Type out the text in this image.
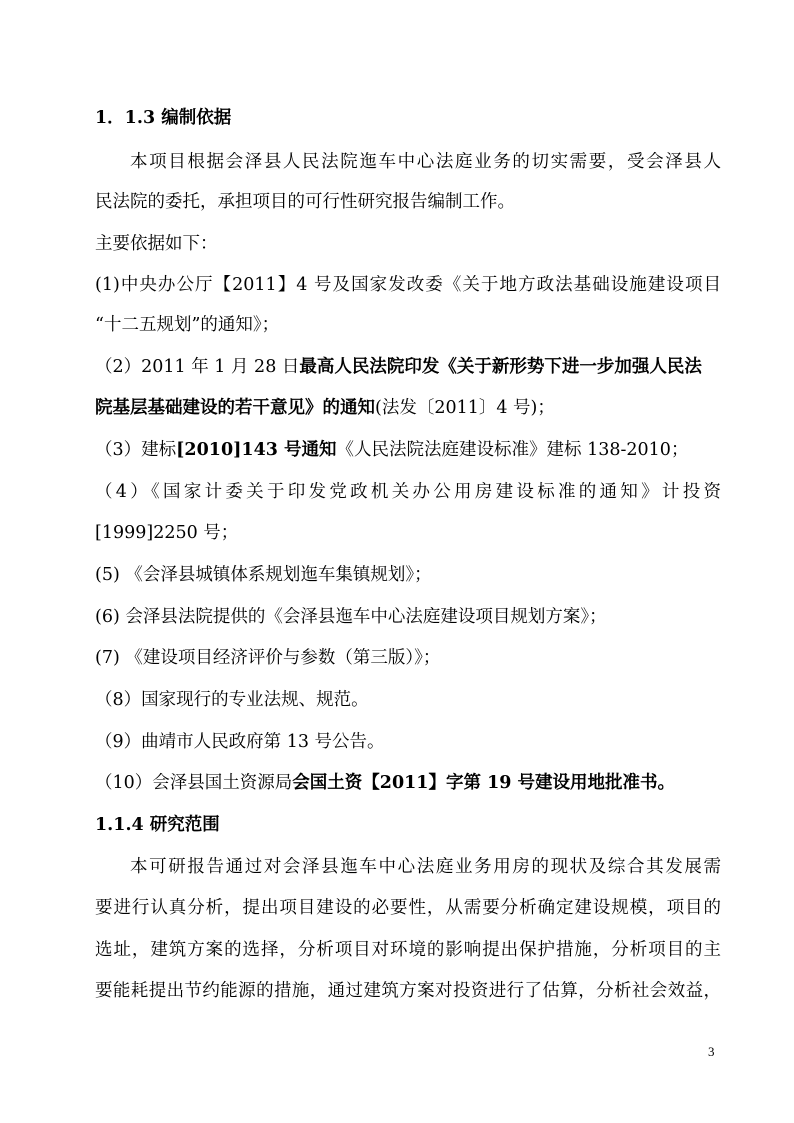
1．1.3 编制依据
本项目根据会泽县人民法院迤车中心法庭业务的切实需要，受会泽县人
民法院的委托，承担项目的可行性研究报告编制工作。
主要依据如下：
(1)中央办公厅【2011】4 号及国家发改委《关于地方政法基础设施建设项目
“十二五规划”的通知》；
（2）2011 年 1 月 28 日最高人民法院印发《关于新形势下进一步加强人民法
院基层基础建设的若干意见》的通知(法发〔2011〕4 号)；
（3）建标[2010]143 号通知《人民法院法庭建设标准》建标 138-2010；
（4）《国家计委关于印发党政机关办公用房建设标准的通知》计投资
[1999]2250 号；
(5) 《会泽县城镇体系规划迤车集镇规划》；
(6) 会泽县法院提供的《会泽县迤车中心法庭建设项目规划方案》；
(7) 《建设项目经济评价与参数（第三版）》；
（8）国家现行的专业法规、规范。
（9）曲靖市人民政府第 13 号公告。
（10）会泽县国土资源局会国土资【2011】字第 19 号建设用地批准书。
1.1.4 研究范围
本可研报告通过对会泽县迤车中心法庭业务用房的现状及综合其发展需
要进行认真分析，提出项目建设的必要性，从需要分析确定建设规模，项目的
选址，建筑方案的选择，分析项目对环境的影响提出保护措施，分析项目的主
要能耗提出节约能源的措施，通过建筑方案对投资进行了估算，分析社会效益，
3
